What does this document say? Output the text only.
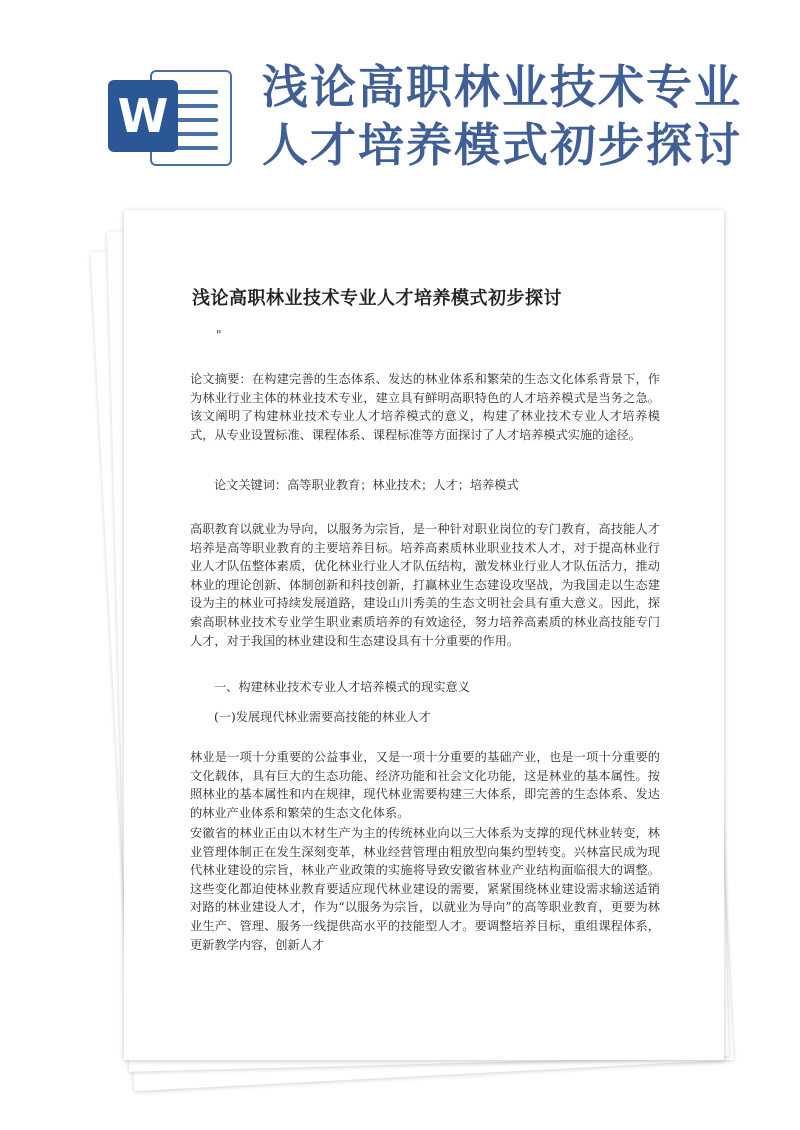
W
浅论高职林业技术专业
人才培养模式初步探讨
浅论高职林业技术专业人才培养模式初步探讨
"
论文摘要：在构建完善的生态体系、发达的林业体系和繁荣的生态文化体系背景下，作为林业行业主体的林业技术专业，建立具有鲜明高职特色的人才培养模式是当务之急。该文阐明了构建林业技术专业人才培养模式的意义，构建了林业技术专业人才培养模式，从专业设置标准、课程体系、课程标准等方面探讨了人才培养模式实施的途径。
论文关键词：高等职业教育；林业技术；人才；培养模式
高职教育以就业为导向，以服务为宗旨，是一种针对职业岗位的专门教育，高技能人才培养是高等职业教育的主要培养目标。培养高素质林业职业技术人才，对于提高林业行业人才队伍整体素质，优化林业行业人才队伍结构，激发林业行业人才队伍活力，推动林业的理论创新、体制创新和科技创新，打赢林业生态建设攻坚战，为我国走以生态建设为主的林业可持续发展道路，建设山川秀美的生态文明社会具有重大意义。因此，探索高职林业技术专业学生职业素质培养的有效途径，努力培养高素质的林业高技能专门人才，对于我国的林业建设和生态建设具有十分重要的作用。
一、构建林业技术专业人才培养模式的现实意义
(一)发展现代林业需要高技能的林业人才
林业是一项十分重要的公益事业，又是一项十分重要的基础产业，也是一项十分重要的文化载体，具有巨大的生态功能、经济功能和社会文化功能，这是林业的基本属性。按照林业的基本属性和内在规律，现代林业需要构建三大体系，即完善的生态体系、发达的林业产业体系和繁荣的生态文化体系。
安徽省的林业正由以木材生产为主的传统林业向以三大体系为支撑的现代林业转变，林业管理体制正在发生深刻变革，林业经营管理由粗放型向集约型转变。兴林富民成为现代林业建设的宗旨，林业产业政策的实施将导致安徽省林业产业结构面临很大的调整。这些变化都迫使林业教育要适应现代林业建设的需要，紧紧围绕林业建设需求输送适销对路的林业建设人才，作为“以服务为宗旨，以就业为导向”的高等职业教育，更要为林业生产、管理、服务一线提供高水平的技能型人才。要调整培养目标，重组课程体系，更新教学内容，创新人才
